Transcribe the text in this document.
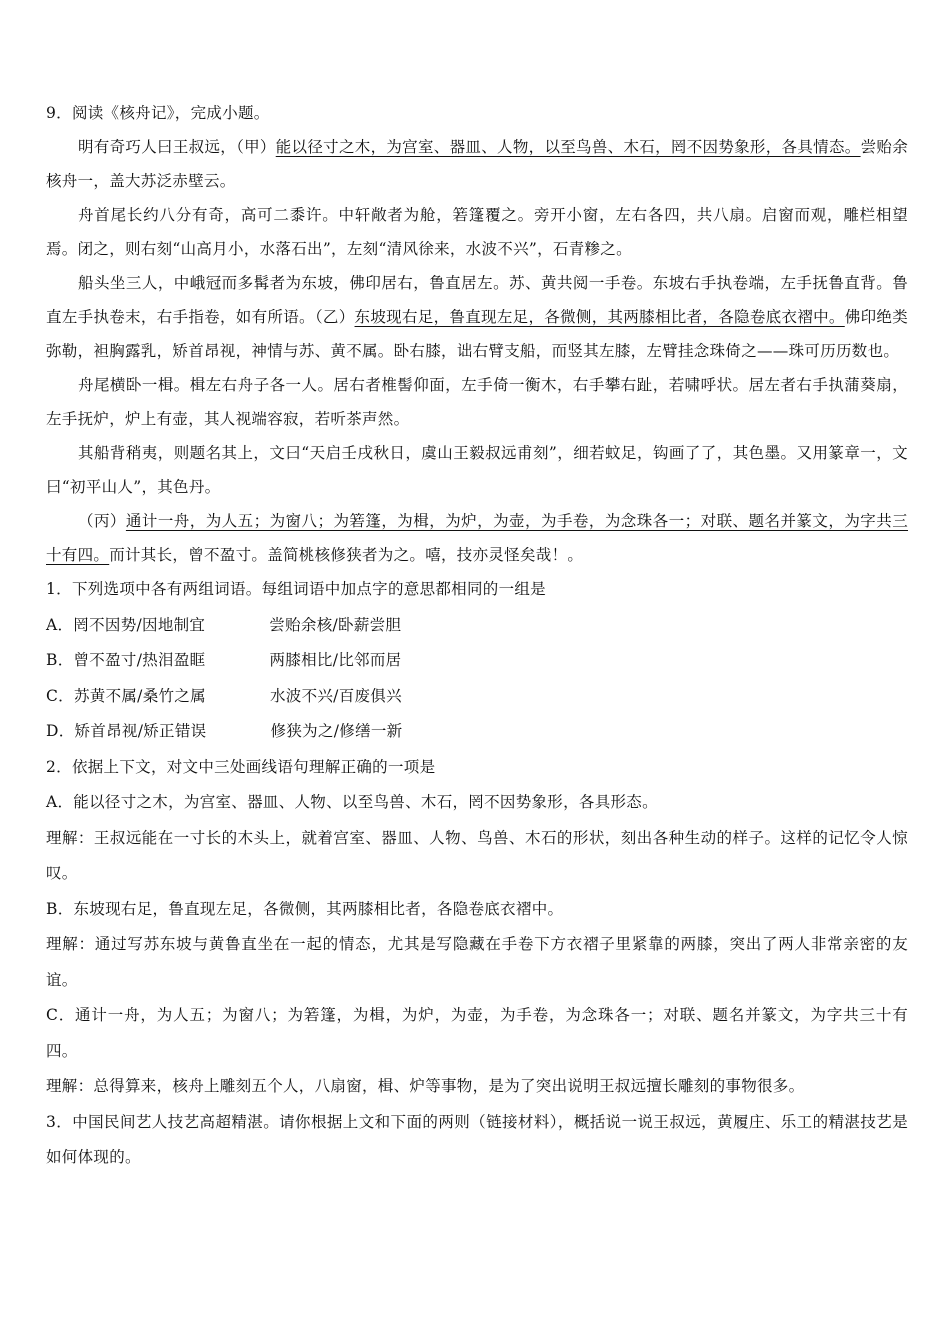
9．阅读《核舟记》，完成小题。

明有奇巧人曰王叔远，（甲）能以径寸之木，为宫室、器皿、人物，以至鸟兽、木石，罔不因势象形，各具情态。尝贻余核舟一，盖大苏泛赤壁云。

舟首尾长约八分有奇，高可二黍许。中轩敞者为舱，箬篷覆之。旁开小窗，左右各四，共八扇。启窗而观，雕栏相望焉。闭之，则右刻“山高月小，水落石出”，左刻“清风徐来，水波不兴”，石青糁之。

船头坐三人，中峨冠而多髯者为东坡，佛印居右，鲁直居左。苏、黄共阅一手卷。东坡右手执卷端，左手抚鲁直背。鲁直左手执卷末，右手指卷，如有所语。（乙）东坡现右足，鲁直现左足，各微侧，其两膝相比者，各隐卷底衣褶中。佛印绝类弥勒，袒胸露乳，矫首昂视，神情与苏、黄不属。卧右膝，诎右臂支船，而竖其左膝，左臂挂念珠倚之——珠可历历数也。

舟尾横卧一楫。楫左右舟子各一人。居右者椎髻仰面，左手倚一衡木，右手攀右趾，若啸呼状。居左者右手执蒲葵扇，左手抚炉，炉上有壶，其人视端容寂，若听茶声然。

其船背稍夷，则题名其上，文曰“天启壬戌秋日，虞山王毅叔远甫刻”，细若蚊足，钩画了了，其色墨。又用篆章一，文曰“初平山人”，其色丹。

（丙）通计一舟，为人五；为窗八；为箬篷，为楫，为炉，为壶，为手卷，为念珠各一；对联、题名并篆文，为字共三十有四。而计其长，曾不盈寸。盖简桃核修狭者为之。嘻，技亦灵怪矣哉！。

1．下列选项中各有两组词语。每组词语中加点字的意思都相同的一组是

A．罔不因势/因地制宜	尝贻余核/卧薪尝胆

B．曾不盈寸/热泪盈眶	两膝相比/比邻而居

C．苏黄不属/桑竹之属	水波不兴/百废俱兴

D．矫首昂视/矫正错误	修狭为之/修缮一新

2．依据上下文，对文中三处画线语句理解正确的一项是

A．能以径寸之木，为宫室、器皿、人物、以至鸟兽、木石，罔不因势象形，各具形态。

理解：王叔远能在一寸长的木头上，就着宫室、器皿、人物、鸟兽、木石的形状，刻出各种生动的样子。这样的记忆令人惊叹。

B．东坡现右足，鲁直现左足，各微侧，其两膝相比者，各隐卷底衣褶中。

理解：通过写苏东坡与黄鲁直坐在一起的情态，尤其是写隐藏在手卷下方衣褶子里紧靠的两膝，突出了两人非常亲密的友谊。

C．通计一舟，为人五；为窗八；为箬篷，为楫，为炉，为壶，为手卷，为念珠各一；对联、题名并篆文，为字共三十有四。

理解：总得算来，核舟上雕刻五个人，八扇窗，楫、炉等事物，是为了突出说明王叔远擅长雕刻的事物很多。

3．中国民间艺人技艺高超精湛。请你根据上文和下面的两则（链接材料），概括说一说王叔远，黄履庄、乐工的精湛技艺是如何体现的。
